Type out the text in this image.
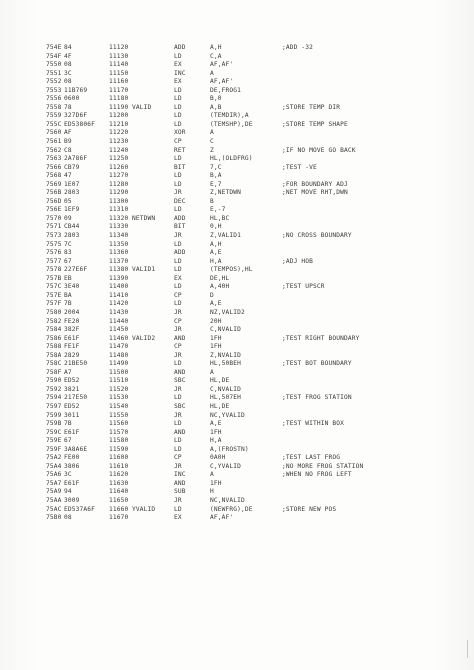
754E 84	11120	ADD	A,H	;ADD -32
754F 4F	11130	LD	C,A
7550 08	11140	EX	AF,AF'
7551 3C	11150	INC	A
7552 08	11160	EX	AF,AF'
7553 11B769	11170	LD	DE,FROG1
7556 0600	11180	LD	B,0
7558 78	11190 VALID	LD	A,B	;STORE TEMP DIR
7559 327D6F	11200	LD	(TEMDIR),A
755C ED53806F 11210	LD	(TEMSHP),DE	;STORE TEMP SHAPE
7560 AF	11220	XOR	A
7561 B9	11230	CP	C
7562 C8	11240	RET	Z	;IF NO MOVE GO BACK
7563 2A786F	11250	LD	HL,(OLDFRG)
7566 CB79	11260	BIT	7,C	;TEST -VE
7568 47	11270	LD	B,A
7569 1E07	11280	LD	E,7	;FOR BOUNDARY ADJ
756B 2803	11290	JR	Z,NETDWN	;NET MOVE RHT,DWN
756D 05	11300	DEC	B
756E 1EF9	11310	LD	E,-7
7570 09	11320 NETDWN	ADD	HL,BC
7571 CB44	11330	BIT	0,H
7573 2803	11340	JR	Z,VALID1	;NO CROSS BOUNDARY
7575 7C	11350	LD	A,H
7576 83	11360	ADD	A,E
7577 67	11370	LD	H,A	;ADJ HOB
7578 227E6F	11380 VALID1	LD	(TEMPOS),HL
757B EB	11390	EX	DE,HL
757C 3E40	11400	LD	A,40H	;TEST UPSCR
757E BA	11410	CP	D
757F 7B	11420	LD	A,E
7580 2004	11430	JR	NZ,VALID2
7582 FE20	11440	CP	20H
7584 382F	11450	JR	C,NVALID
7586 E61F	11460 VALID2	AND	1FH	;TEST RIGHT BOUNDARY
7588 FE1F	11470	CP	1FH
758A 2829	11480	JR	Z,NVALID
758C 21BE50	11490	LD	HL,50BEH	;TEST BOT BOUNDARY
758F A7	11500	AND	A
7590 ED52	11510	SBC	HL,DE
7592 3821	11520	JR	C,NVALID
7594 217E50	11530	LD	HL,507EH	;TEST FROG STATION
7597 ED52	11540	SBC	HL,DE
7599 3011	11550	JR	NC,YVALID
759B 7B	11560	LD	A,E	;TEST WITHIN BOX
759C E61F	11570	AND	1FH
759E 67	11580	LD	H,A
759F 3A8A6E	11590	LD	A,(FROSTN)
75A2 FE00	11600	CP	0A0H	;TEST LAST FROG
75A4 3806	11610	JR	C,YVALID	;NO MORE FROG STATION
75A6 3C	11620	INC	A	;WHEN NO FROG LEFT
75A7 E61F	11630	AND	1FH
75A9 94	11640	SUB	H
75AA 3009	11650	JR	NC,NVALID
75AC ED537A6F 11660 YVALID	LD	(NEWFRG),DE	;STORE NEW POS
75B0 08	11670	EX	AF,AF'
